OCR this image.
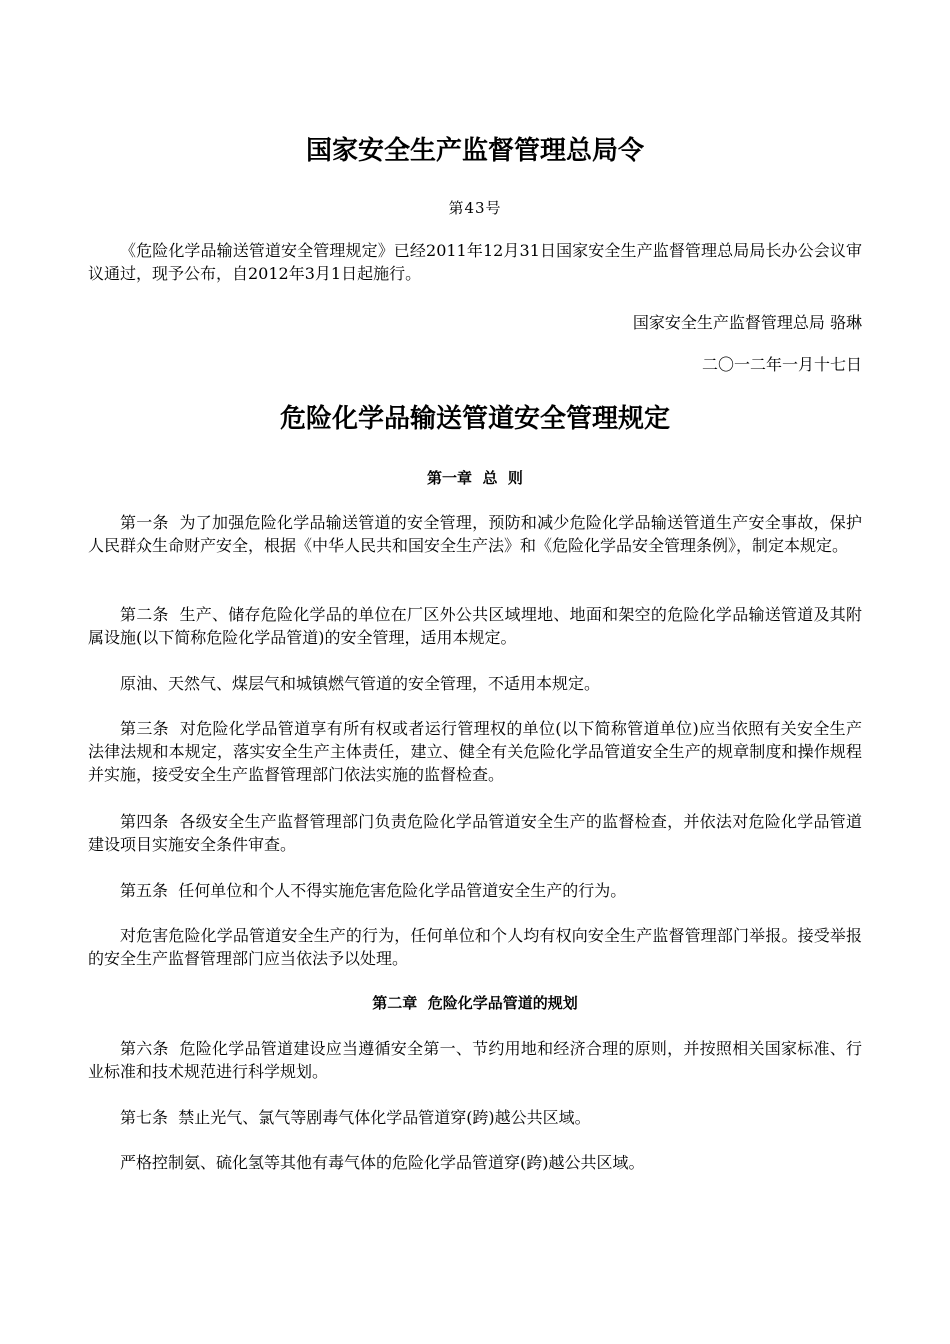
国家安全生产监督管理总局令
第43号

《危险化学品输送管道安全管理规定》已经2011年12月31日国家安全生产监督管理总局局长办公会议审议通过，现予公布，自2012年3月1日起施行。

国家安全生产监督管理总局 骆琳
二〇一二年一月十七日
危险化学品输送管道安全管理规定
第一章  总  则

第一条  为了加强危险化学品输送管道的安全管理，预防和减少危险化学品输送管道生产安全事故，保护人民群众生命财产安全，根据《中华人民共和国安全生产法》和《危险化学品安全管理条例》，制定本规定。

第二条  生产、储存危险化学品的单位在厂区外公共区域埋地、地面和架空的危险化学品输送管道及其附属设施(以下简称危险化学品管道)的安全管理，适用本规定。

原油、天然气、煤层气和城镇燃气管道的安全管理，不适用本规定。

第三条  对危险化学品管道享有所有权或者运行管理权的单位(以下简称管道单位)应当依照有关安全生产法律法规和本规定，落实安全生产主体责任，建立、健全有关危险化学品管道安全生产的规章制度和操作规程并实施，接受安全生产监督管理部门依法实施的监督检查。

第四条  各级安全生产监督管理部门负责危险化学品管道安全生产的监督检查，并依法对危险化学品管道建设项目实施安全条件审查。

第五条  任何单位和个人不得实施危害危险化学品管道安全生产的行为。

对危害危险化学品管道安全生产的行为，任何单位和个人均有权向安全生产监督管理部门举报。接受举报的安全生产监督管理部门应当依法予以处理。

第二章  危险化学品管道的规划

第六条  危险化学品管道建设应当遵循安全第一、节约用地和经济合理的原则，并按照相关国家标准、行业标准和技术规范进行科学规划。

第七条  禁止光气、氯气等剧毒气体化学品管道穿(跨)越公共区域。

严格控制氨、硫化氢等其他有毒气体的危险化学品管道穿(跨)越公共区域。
